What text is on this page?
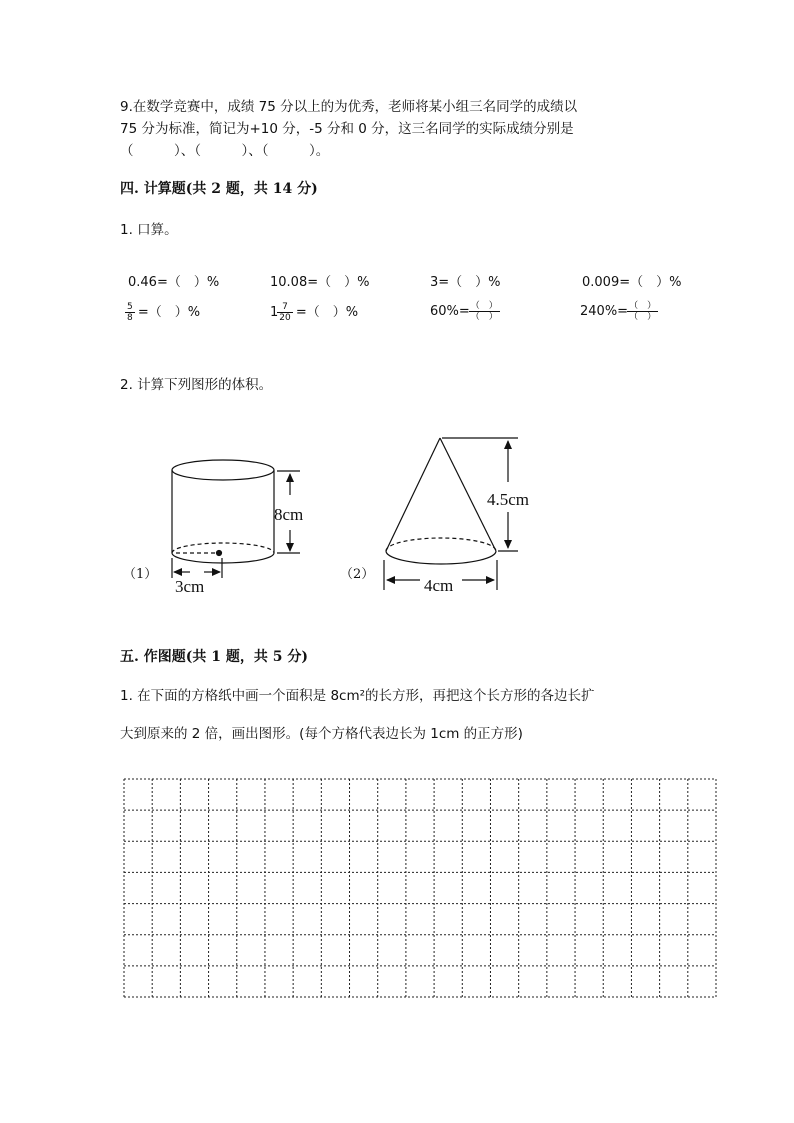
9.在数学竞赛中，成绩 75 分以上的为优秀，老师将某小组三名同学的成绩以
75 分为标准，简记为+10 分，-5 分和 0 分，这三名同学的实际成绩分别是
（　　　）、（　　　）、（　　　）。
四. 计算题(共 2 题，共 14 分)
1. 口算。
0.46=（　）%	10.08=（　）%	3=（　）%	0.009=（　）%
$\frac{5}{8}$ =（　）%	$1 \frac{7}{20}$ =（　）%	$60\%= \frac{( )}{( )}$	$240\%= \frac{( )}{( )}$
2. 计算下列图形的体积。
（1）
8cm
3cm
（2）
4.5cm
4cm
五. 作图题(共 1 题，共 5 分)
1. 在下面的方格纸中画一个面积是 8cm²的长方形，再把这个长方形的各边长扩
大到原来的 2 倍，画出图形。(每个方格代表边长为 1cm 的正方形)
